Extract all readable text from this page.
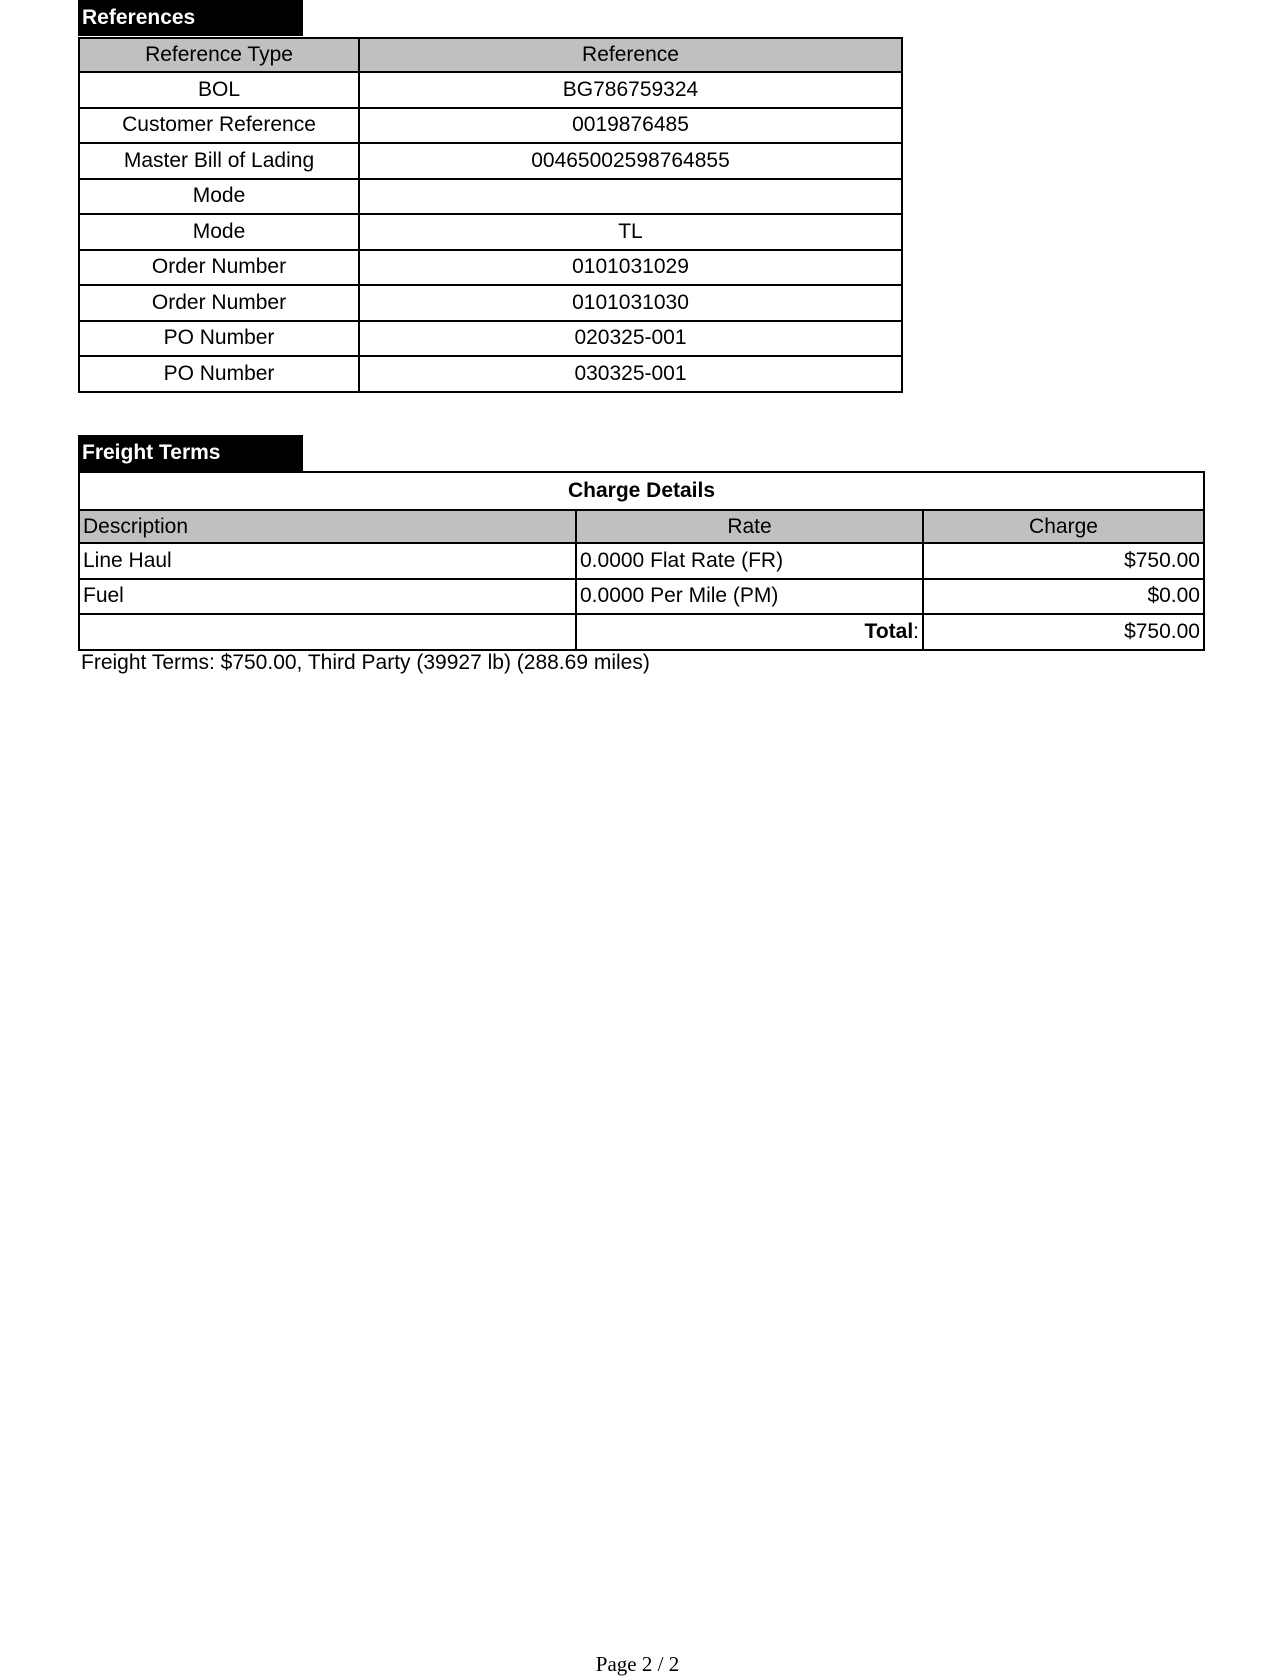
References
Reference Type	Reference
BOL	BG786759324
Customer Reference	0019876485
Master Bill of Lading	00465002598764855
Mode	
Mode	TL
Order Number	0101031029
Order Number	0101031030
PO Number	020325-001
PO Number	030325-001
Freight Terms
Charge Details		
Description	Rate	Charge
Line Haul	0.0000 Flat Rate (FR)	$750.00
Fuel	0.0000 Per Mile (PM)	$0.00
	Total:	$750.00
Freight Terms: $750.00, Third Party (39927 lb) (288.69 miles)
Page 2 / 2
